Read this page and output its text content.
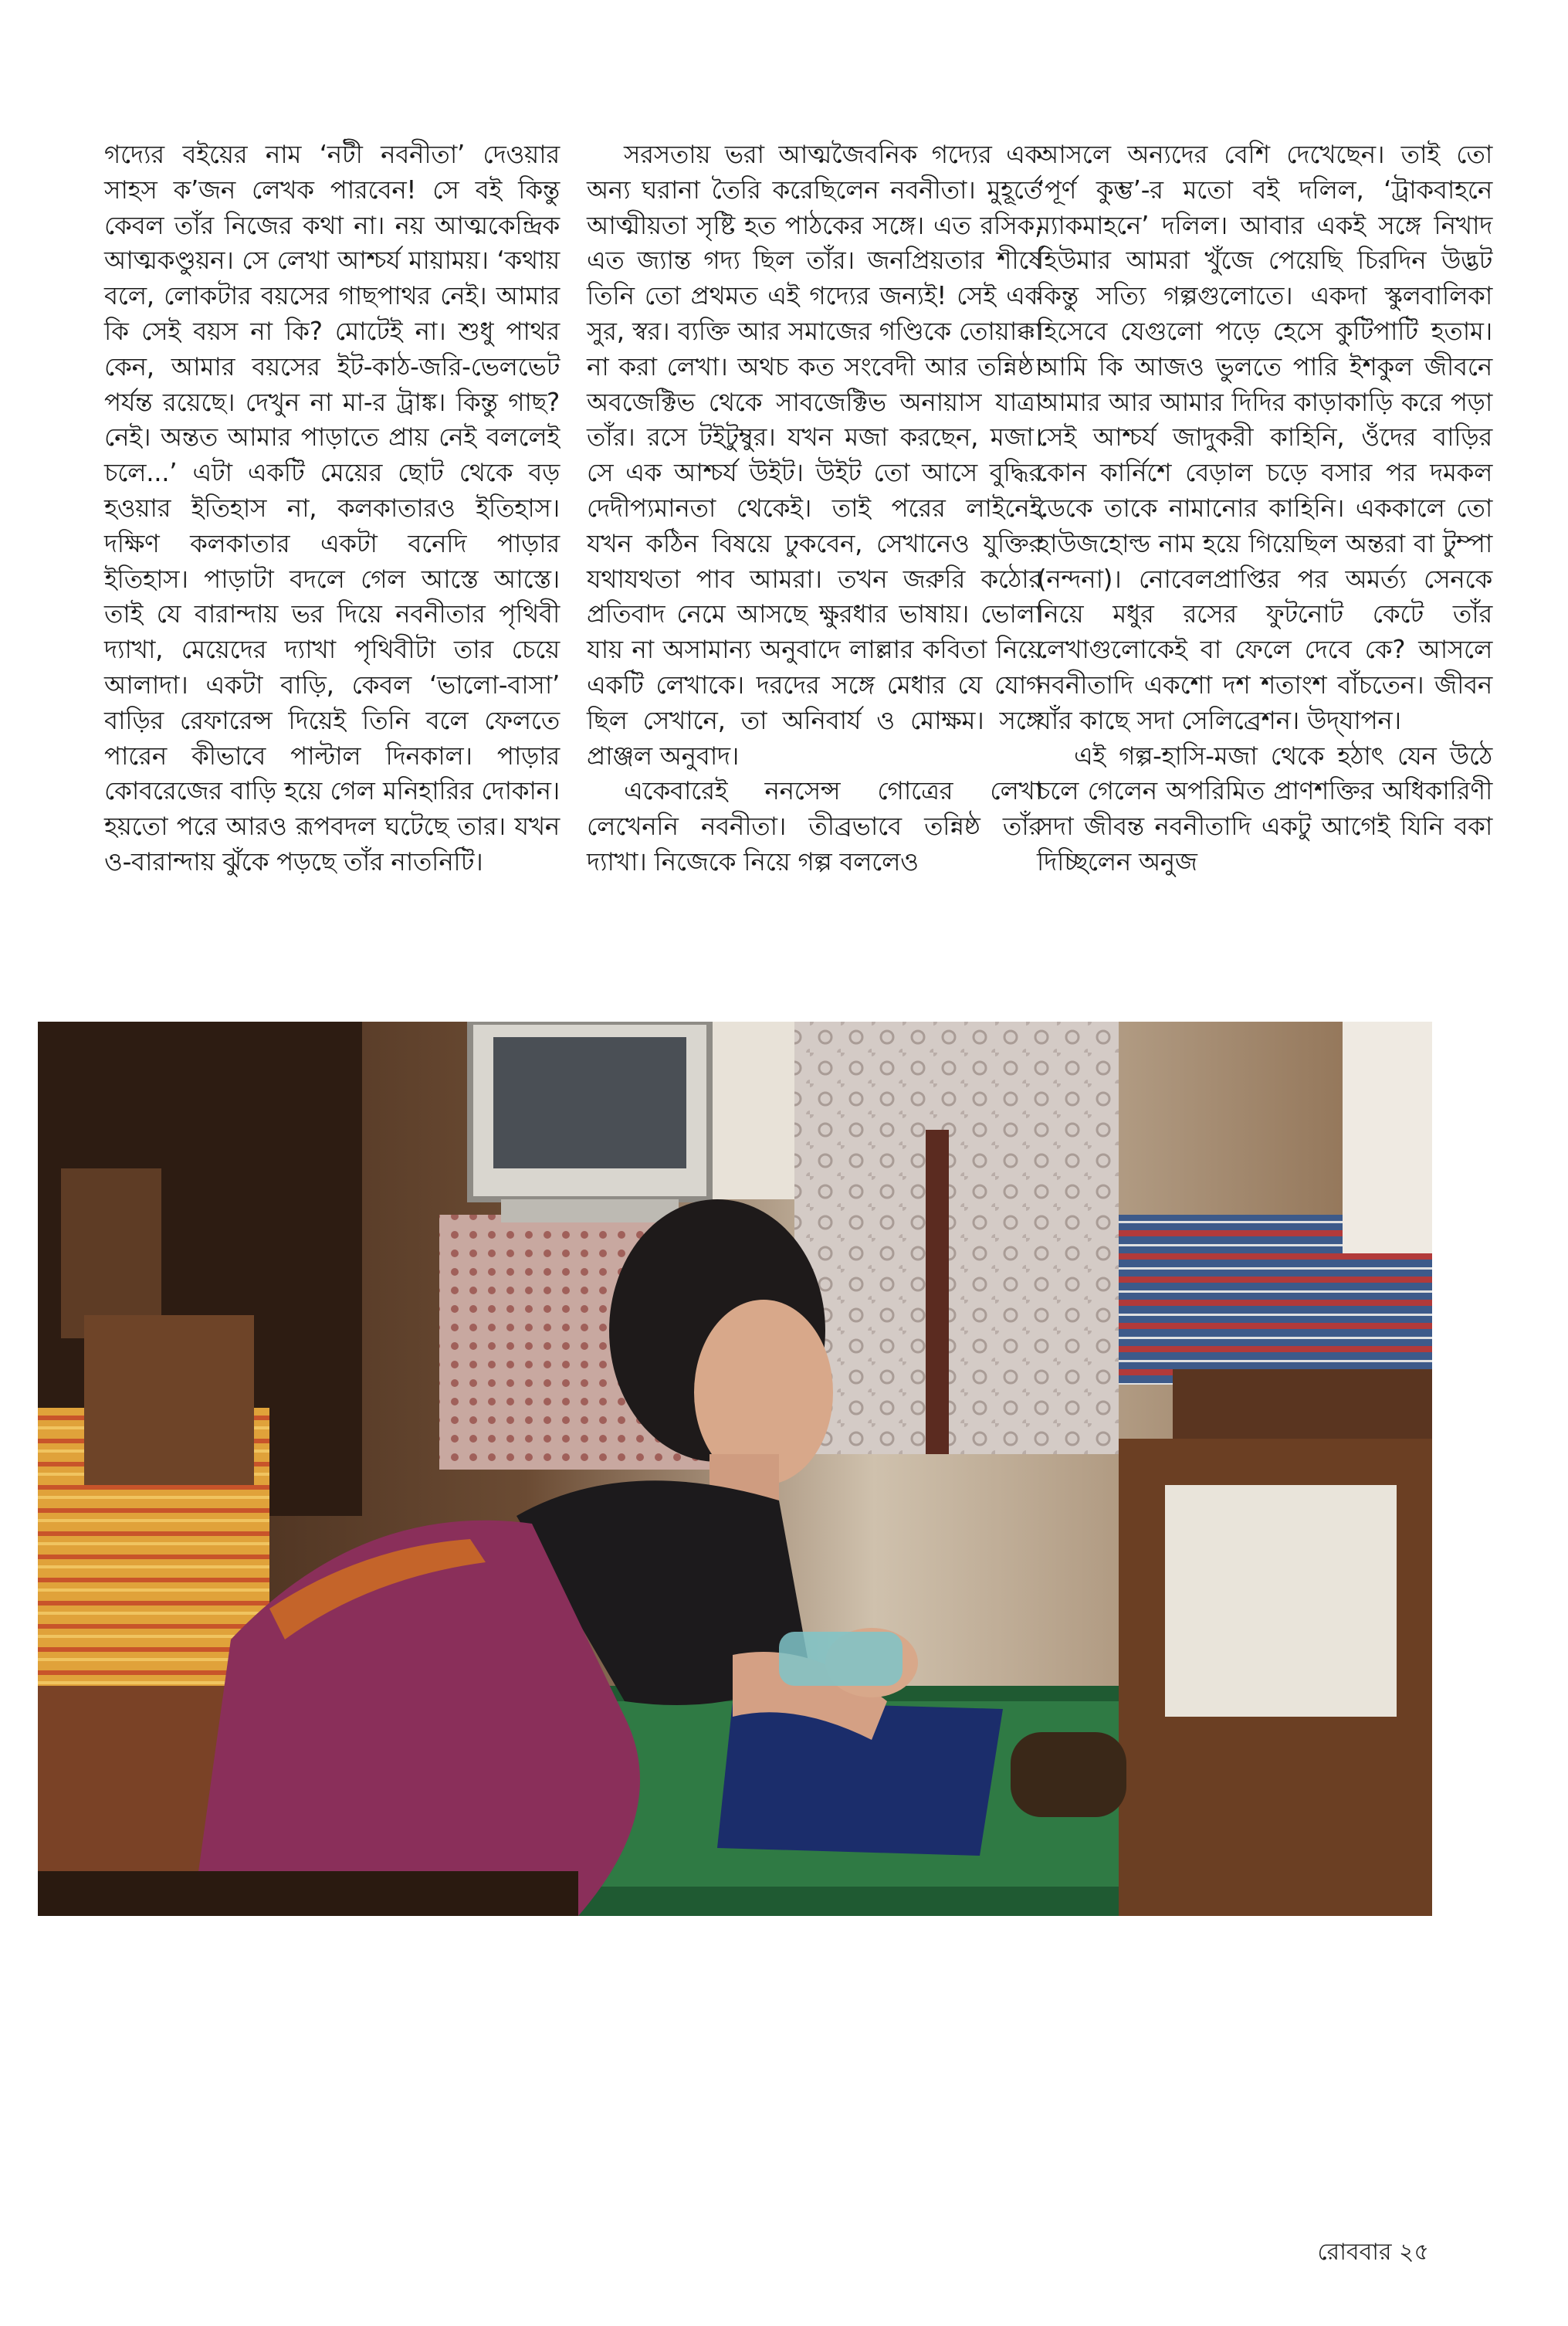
গদ্যের বইয়ের নাম ‘নটী নবনীতা’ দেওয়ার সাহস ক’জন লেখক পারবেন! সে বই কিন্তু কেবল তাঁর নিজের কথা না। নয় আত্মকেন্দ্রিক আত্মকণ্ডুয়ন। সে লেখা আশ্চর্য মায়াময়। ‘কথায় বলে, লোকটার বয়সের গাছপাথর নেই। আমার কি সেই বয়স না কি? মোটেই না। শুধু পাথর কেন, আমার বয়সের ইট-কাঠ-জরি-ভেলভেট পর্যন্ত রয়েছে। দেখুন না মা-র ট্রাঙ্ক। কিন্তু গাছ? নেই। অন্তত আমার পাড়াতে প্রায় নেই বললেই চলে...’ এটা একটি মেয়ের ছোট থেকে বড় হওয়ার ইতিহাস না, কলকাতারও ইতিহাস। দক্ষিণ কলকাতার একটা বনেদি পাড়ার ইতিহাস। পাড়াটা বদলে গেল আস্তে আস্তে। তাই যে বারান্দায় ভর দিয়ে নবনীতার পৃথিবী দ্যাখা, মেয়েদের দ্যাখা পৃথিবীটা তার চেয়ে আলাদা। একটা বাড়ি, কেবল ‘ভালো-বাসা’ বাড়ির রেফারেন্স দিয়েই তিনি বলে ফেলতে পারেন কীভাবে পাল্টাল দিনকাল। পাড়ার কোবরেজের বাড়ি হয়ে গেল মনিহারির দোকান। হয়তো পরে আরও রূপবদল ঘটেছে তার। যখন ও-বারান্দায় ঝুঁকে পড়ছে তাঁর নাতনিটি।

সরসতায় ভরা আত্মজৈবনিক গদ্যের এক অন্য ঘরানা তৈরি করেছিলেন নবনীতা। মুহূর্তে আত্মীয়তা সৃষ্টি হত পাঠকের সঙ্গে। এত রসিক, এত জ্যান্ত গদ্য ছিল তাঁর। জনপ্রিয়তার শীর্ষে তিনি তো প্রথমত এই গদ্যের জন্যই! সেই এক সুর, স্বর। ব্যক্তি আর সমাজের গণ্ডিকে তোয়াক্কা না করা লেখা। অথচ কত সংবেদী আর তন্নিষ্ঠ। অবজেক্টিভ থেকে সাবজেক্টিভ অনায়াস যাত্রা তাঁর। রসে টইটুম্বুর। যখন মজা করছেন, মজা। সে এক আশ্চর্য উইট। উইট তো আসে বুদ্ধির দেদীপ্যমানতা থেকেই। তাই পরের লাইনেই যখন কঠিন বিষয়ে ঢুকবেন, সেখানেও যুক্তির যথাযথতা পাব আমরা। তখন জরুরি কঠোর প্রতিবাদ নেমে আসছে ক্ষুরধার ভাষায়। ভোলা যায় না অসামান্য অনুবাদে লাল্লার কবিতা নিয়ে একটি লেখাকে। দরদের সঙ্গে মেধার যে যোগ ছিল সেখানে, তা অনিবার্য ও মোক্ষম। সঙ্গে প্রাঞ্জল অনুবাদ।

একেবারেই ননসেন্স গোত্রের লেখা লেখেননি নবনীতা। তীব্রভাবে তন্নিষ্ঠ তাঁর দ্যাখা। নিজেকে নিয়ে গল্প বললেও

আসলে অন্যদের বেশি দেখেছেন। তাই তো ‘পূর্ণ কুম্ভ’-র মতো বই দলিল, ‘ট্রাকবাহনে ম্যাকমাহনে’ দলিল। আবার একই সঙ্গে নিখাদ হিউমার আমরা খুঁজে পেয়েছি চিরদিন উদ্ভট কিন্তু সত্যি গল্পগুলোতে। একদা স্কুলবালিকা হিসেবে যেগুলো পড়ে হেসে কুটিপাটি হতাম। আমি কি আজও ভুলতে পারি ইশকুল জীবনে আমার আর আমার দিদির কাড়াকাড়ি করে পড়া সেই আশ্চর্য জাদুকরী কাহিনি, ওঁদের বাড়ির কোন কার্নিশে বেড়াল চড়ে বসার পর দমকল ডেকে তাকে নামানোর কাহিনি। এককালে তো হাউজহোল্ড নাম হয়ে গিয়েছিল অন্তরা বা টুম্পা (নন্দনা)। নোবেলপ্রাপ্তির পর অমর্ত্য সেনকে নিয়ে মধুর রসের ফুটনোট কেটে তাঁর লেখাগুলোকেই বা ফেলে দেবে কে? আসলে নবনীতাদি একশো দশ শতাংশ বাঁচতেন। জীবন যাঁর কাছে সদা সেলিব্রেশন। উদ্‌যাপন।

এই গল্প-হাসি-মজা থেকে হঠাৎ যেন উঠে চলে গেলেন অপরিমিত প্রাণশক্তির অধিকারিণী সদা জীবন্ত নবনীতাদি একটু আগেই যিনি বকা দিচ্ছিলেন অনুজ

রোববার ২৫
